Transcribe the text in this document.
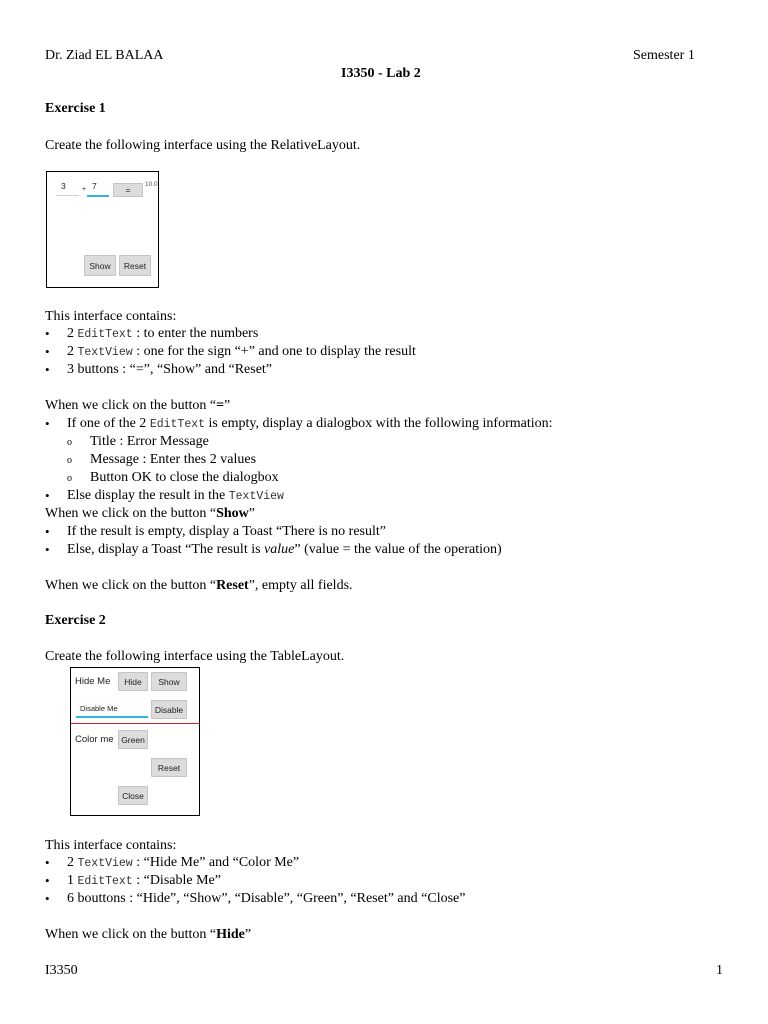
Dr. Ziad EL BALAA	Semester 1
I3350 - Lab 2
Exercise 1
Create the following interface using the RelativeLayout.
3 + 7	=
10.0
Show	Reset
This interface contains:
• 2 EditText : to enter the numbers
• 2 TextView : one for the sign “+” and one to display the result
• 3 buttons : “=”, “Show” and “Reset”
When we click on the button “=”
• If one of the 2 EditText is empty, display a dialogbox with the following information:
o Title : Error Message
o Message : Enter thes 2 values
o Button OK to close the dialogbox
• Else display the result in the TextView
When we click on the button “Show”
• If the result is empty, display a Toast “There is no result”
• Else, display a Toast “The result is value” (value = the value of the operation)
When we click on the button “Reset”, empty all fields.
Exercise 2
Create the following interface using the TableLayout.
Hide Me	Hide	Show
Disable Me	Disable
Color me Green
Reset
Close
This interface contains:
• 2 TextView : “Hide Me” and “Color Me”
• 1 EditText : “Disable Me”
• 6 bouttons : “Hide”, “Show”, “Disable”, “Green”, “Reset” and “Close”
When we click on the button “Hide”
I3350	1
